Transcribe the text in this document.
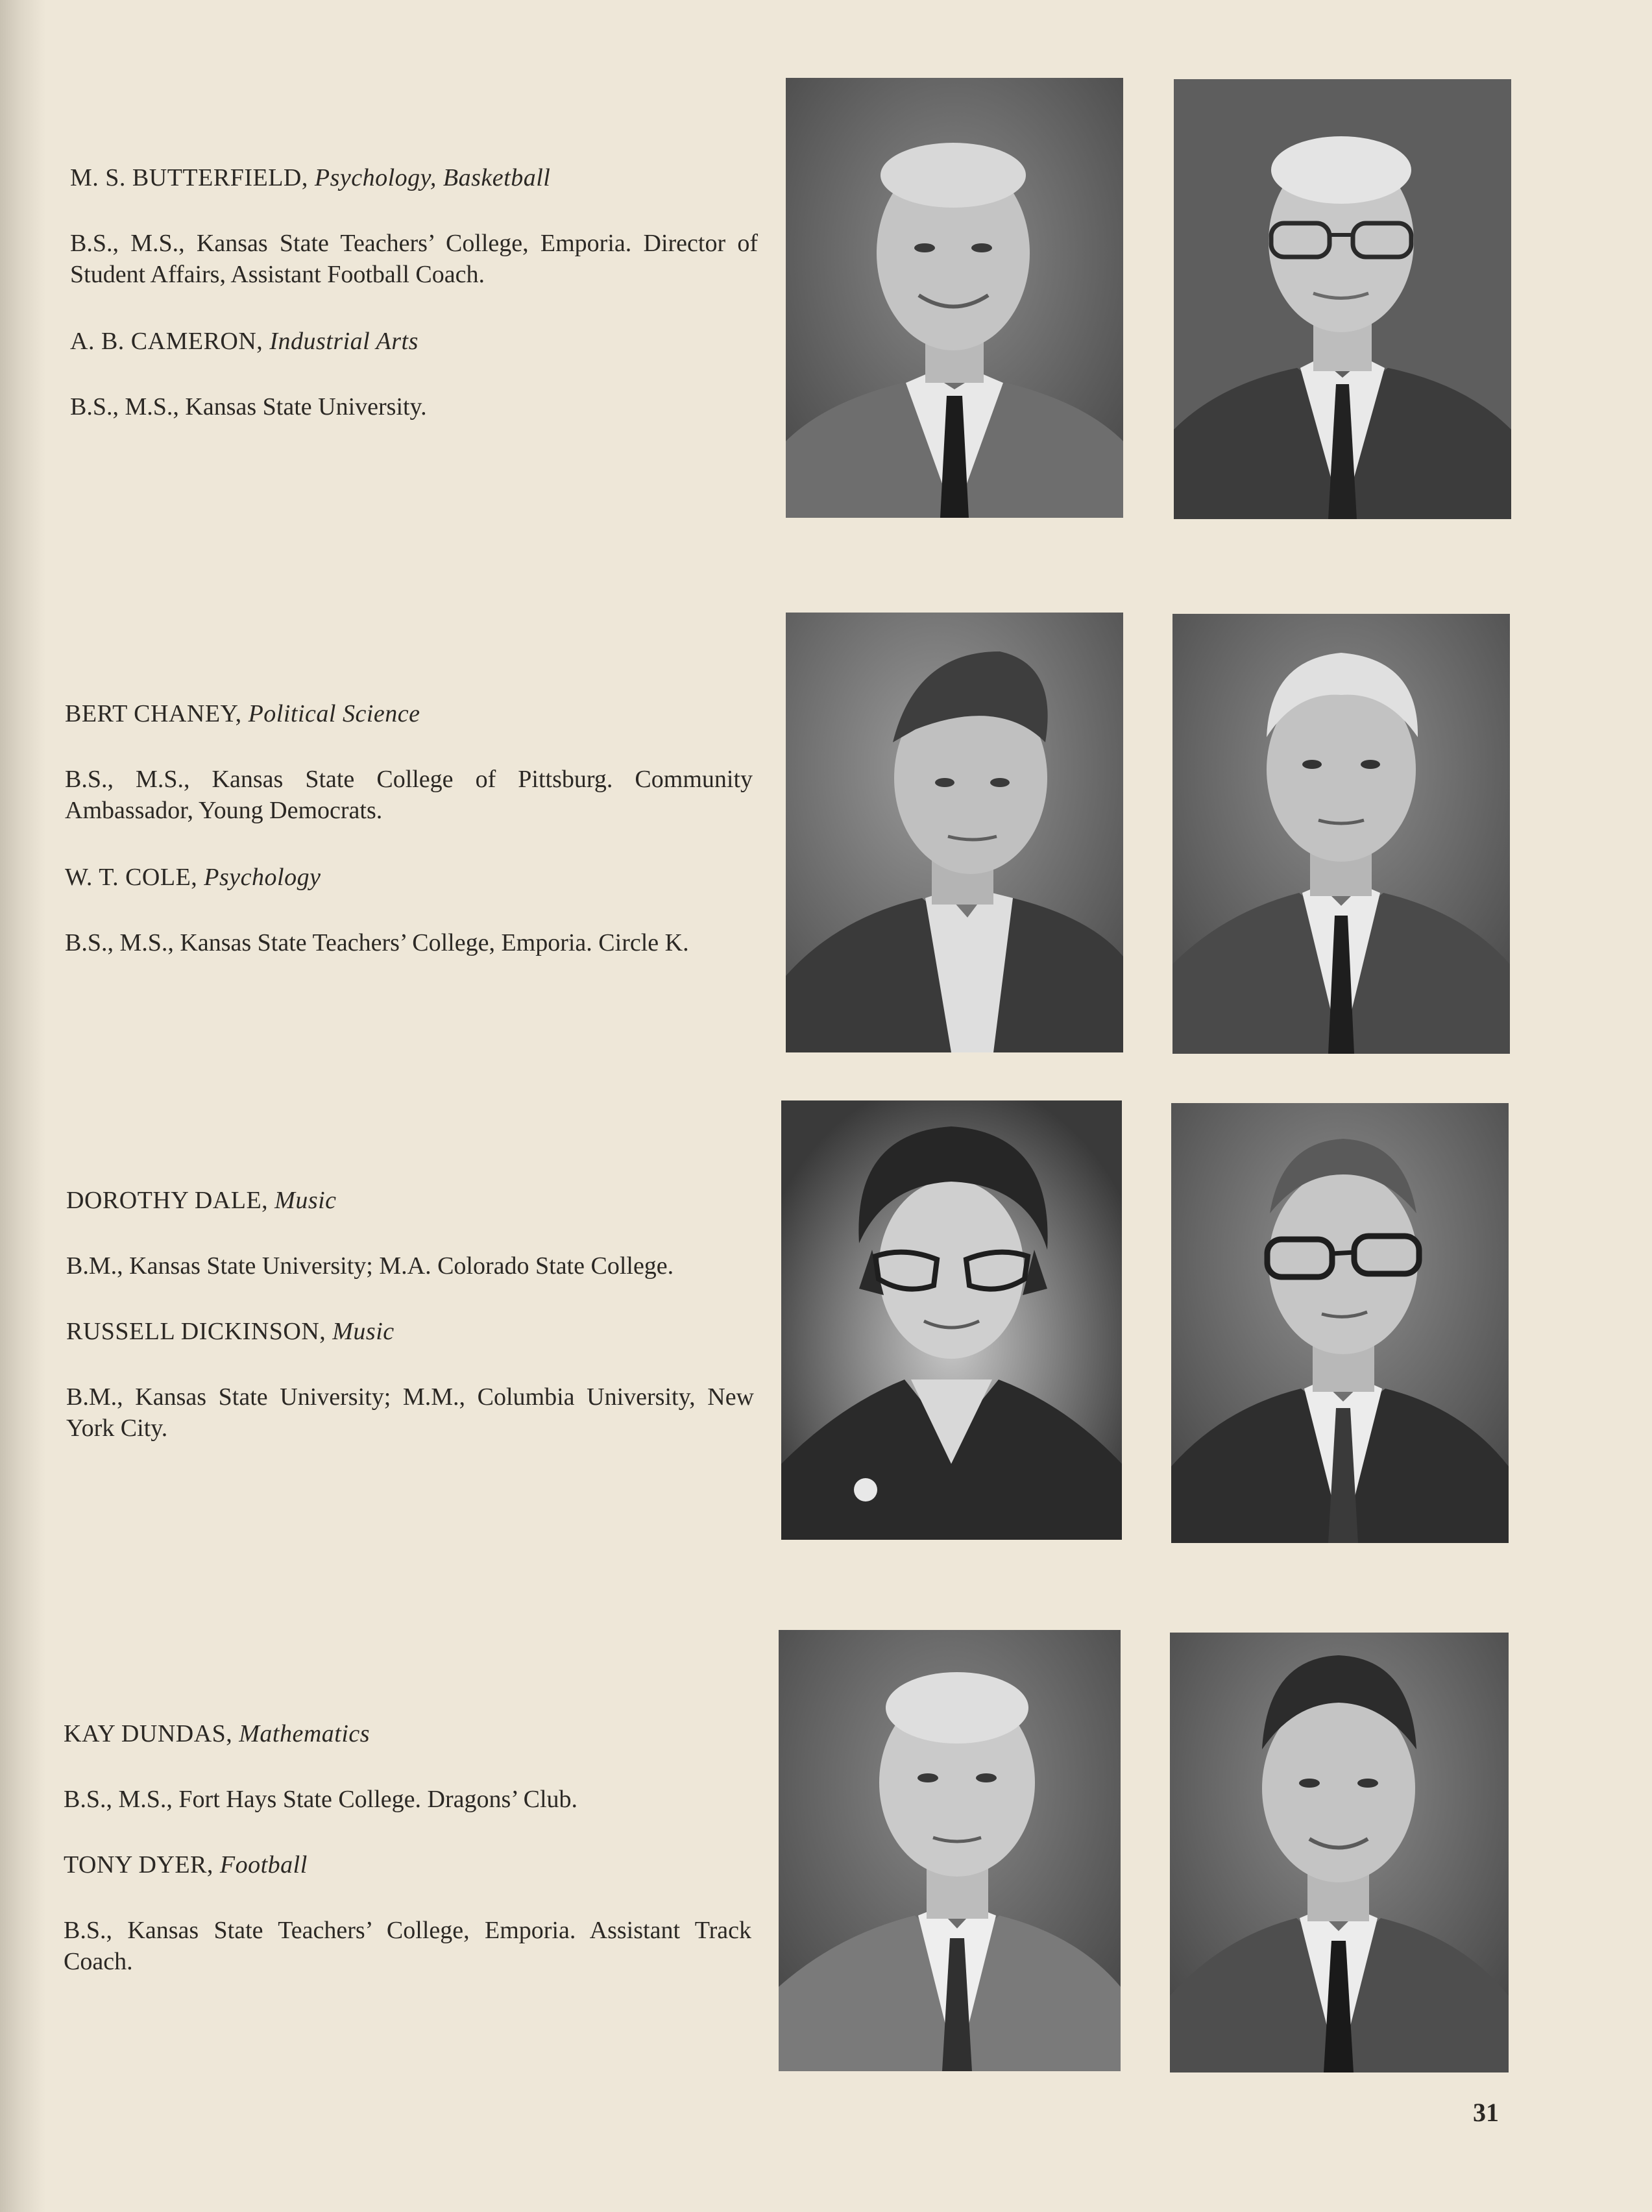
M. S. BUTTERFIELD, Psychology, Basketball

B.S., M.S., Kansas State Teachers’ College, Emporia. Director of Student Affairs, Assistant Football Coach.

A. B. CAMERON, Industrial Arts

B.S., M.S., Kansas State University.

BERT CHANEY, Political Science

B.S., M.S., Kansas State College of Pittsburg. Community Ambassador, Young Democrats.

W. T. COLE, Psychology

B.S., M.S., Kansas State Teachers’ College, Emporia. Circle K.

DOROTHY DALE, Music

B.M., Kansas State University; M.A. Colorado State College.

RUSSELL DICKINSON, Music

B.M., Kansas State University; M.M., Columbia University, New York City.

KAY DUNDAS, Mathematics

B.S., M.S., Fort Hays State College. Dragons’ Club.

TONY DYER, Football

B.S., Kansas State Teachers’ College, Emporia. Assistant Track Coach.

31
